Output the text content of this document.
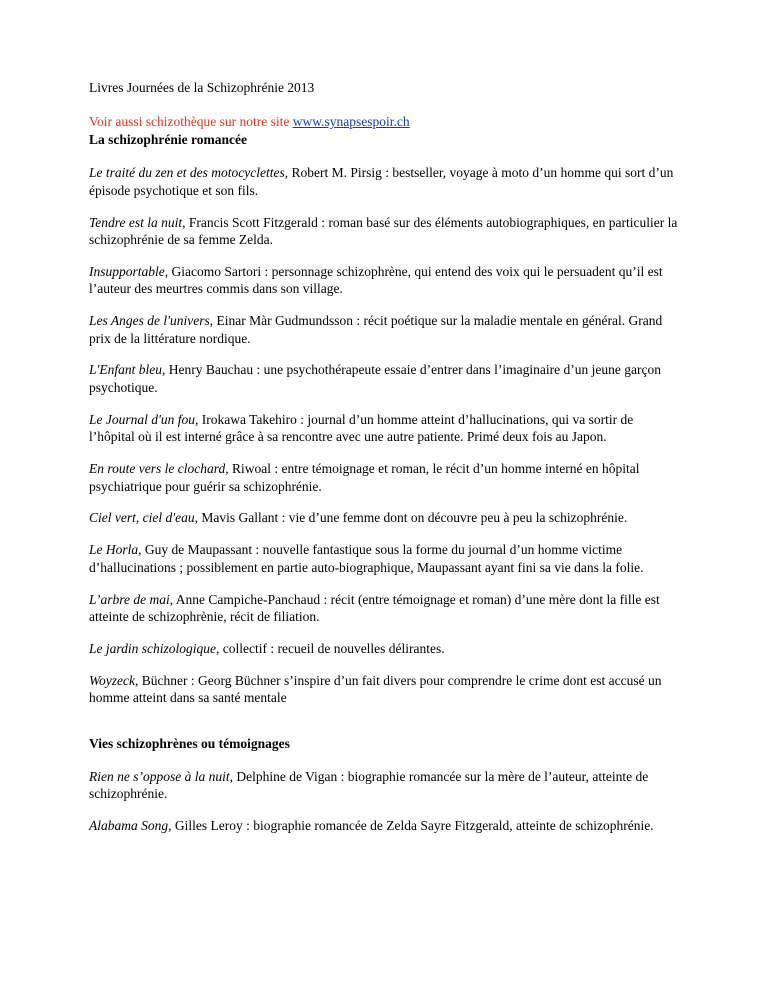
Livres Journées de la Schizophrénie 2013

Voir aussi schizothèque sur notre site www.synapsespoir.ch

La schizophrénie romancée

Le traité du zen et des motocyclettes, Robert M. Pirsig : bestseller, voyage à moto d’un homme qui sort d’un épisode psychotique et son fils.

Tendre est la nuit, Francis Scott Fitzgerald : roman basé sur des éléments autobiographiques, en particulier la schizophrénie de sa femme Zelda.

Insupportable, Giacomo Sartori : personnage schizophrène, qui entend des voix qui le persuadent qu’il est l’auteur des meurtres commis dans son village.

Les Anges de l'univers, Einar Màr Gudmundsson : récit poétique sur la maladie mentale en général. Grand prix de la littérature nordique.

L'Enfant bleu, Henry Bauchau : une psychothérapeute essaie d’entrer dans l’imaginaire d’un jeune garçon psychotique.

Le Journal d'un fou, Irokawa Takehiro : journal d’un homme atteint d’hallucinations, qui va sortir de l’hôpital où il est interné grâce à sa rencontre avec une autre patiente. Primé deux fois au Japon.

En route vers le clochard, Riwoal : entre témoignage et roman, le récit d’un homme interné en hôpital psychiatrique pour guérir sa schizophrénie.

Ciel vert, ciel d'eau, Mavis Gallant : vie d’une femme dont on découvre peu à peu la schizophrénie.

Le Horla, Guy de Maupassant : nouvelle fantastique sous la forme du journal d’un homme victime d’hallucinations ; possiblement en partie auto-biographique, Maupassant ayant fini sa vie dans la folie.

L’arbre de mai, Anne Campiche-Panchaud : récit (entre témoignage et roman) d’une mère dont la fille est atteinte de schizophrènie, récit de filiation.

Le jardin schizologique, collectif : recueil de nouvelles délirantes.

Woyzeck, Büchner : Georg Büchner s’inspire d’un fait divers pour comprendre le crime dont est accusé un homme atteint dans sa santé mentale

Vies schizophrènes ou témoignages

Rien ne s’oppose à la nuit, Delphine de Vigan : biographie romancée sur la mère de l’auteur, atteinte de schizophrénie.

Alabama Song, Gilles Leroy : biographie romancée de Zelda Sayre Fitzgerald, atteinte de schizophrénie.
